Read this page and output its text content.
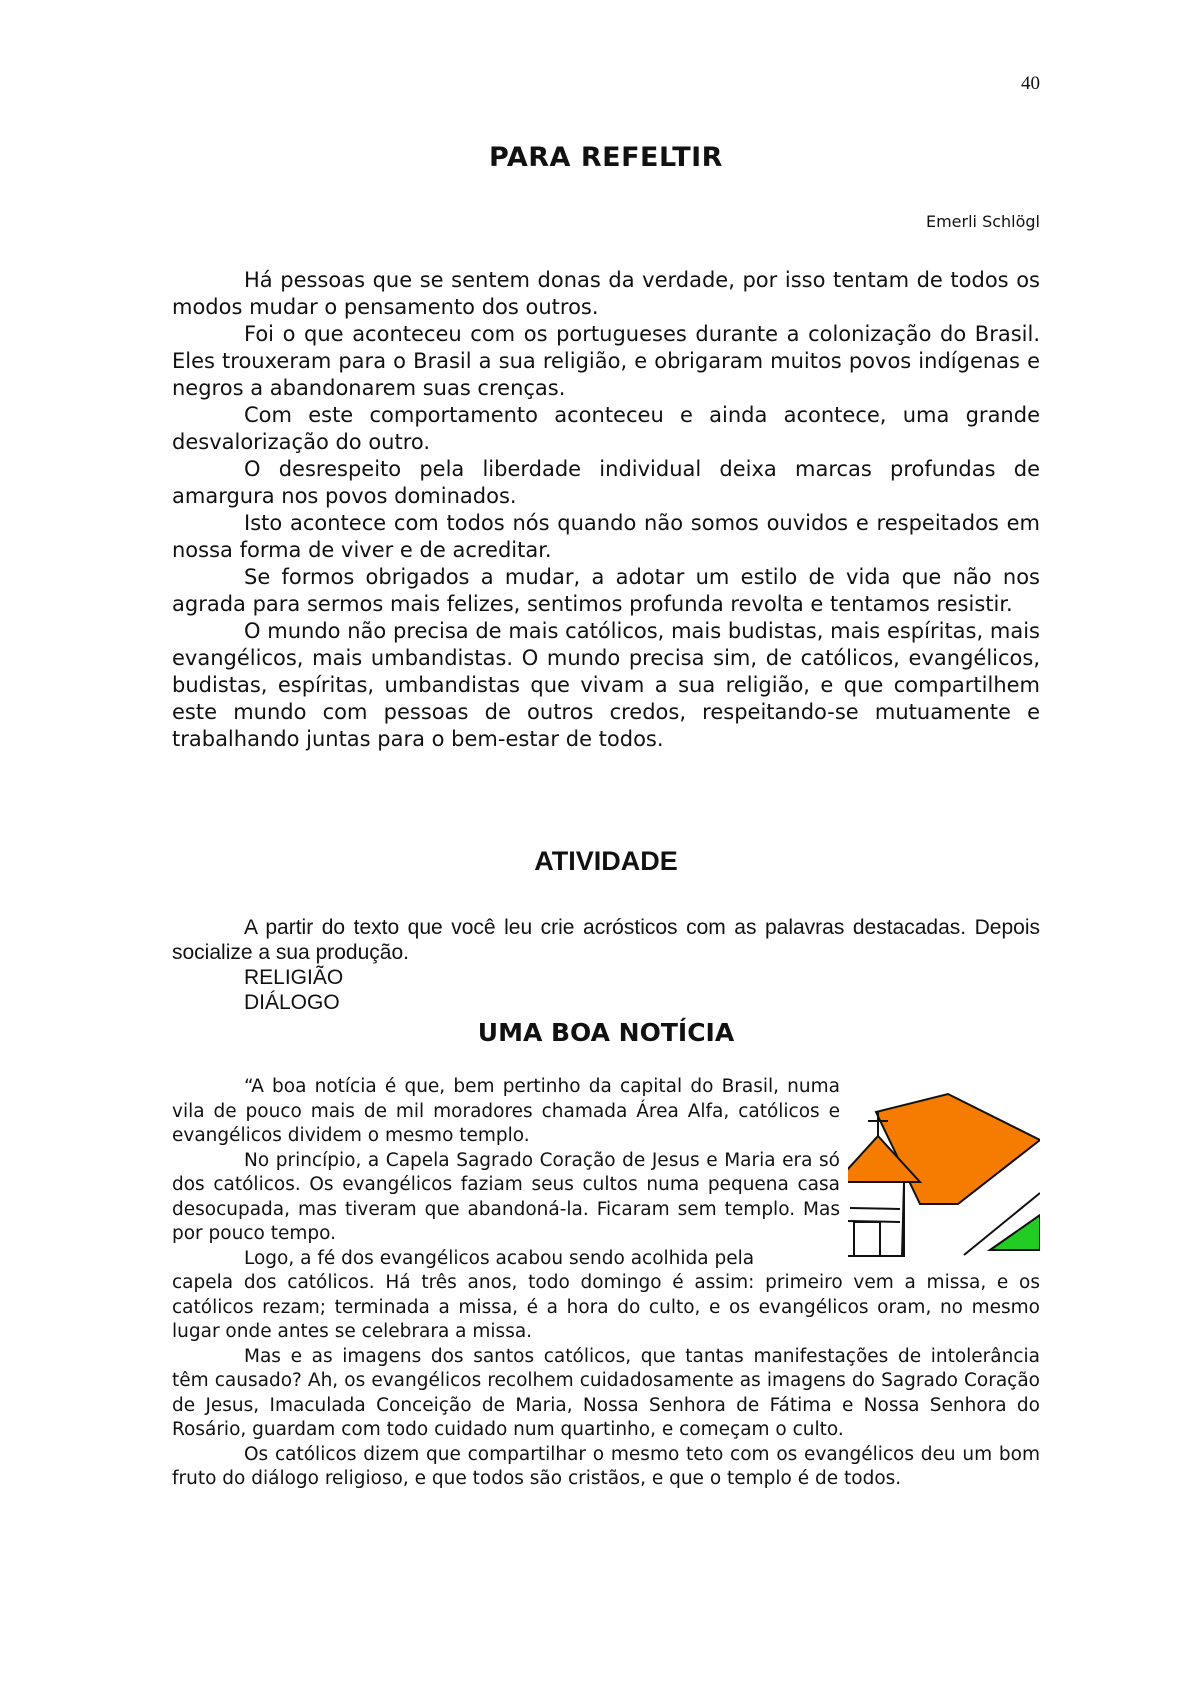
40
PARA REFELTIR
Emerli Schlögl

Há pessoas que se sentem donas da verdade, por isso tentam de todos os modos mudar o pensamento dos outros.

Foi o que aconteceu com os portugueses durante a colonização do Brasil. Eles trouxeram para o Brasil a sua religião, e obrigaram muitos povos indígenas e negros a abandonarem suas crenças.

Com este comportamento aconteceu e ainda acontece, uma grande desvalorização do outro.

O desrespeito pela liberdade individual deixa marcas profundas de amargura nos povos dominados.

Isto acontece com todos nós quando não somos ouvidos e respeitados em nossa forma de viver e de acreditar.

Se formos obrigados a mudar, a adotar um estilo de vida que não nos agrada para sermos mais felizes, sentimos profunda revolta e tentamos resistir.

O mundo não precisa de mais católicos, mais budistas, mais espíritas, mais evangélicos, mais umbandistas. O mundo precisa sim, de católicos, evangélicos, budistas, espíritas, umbandistas que vivam a sua religião, e que compartilhem este mundo com pessoas de outros credos, respeitando-se mutuamente e trabalhando juntas para o bem-estar de todos.

ATIVIDADE

A partir do texto que você leu crie acrósticos com as palavras destacadas. Depois socialize a sua produção.

RELIGIÃO

DIÁLOGO

UMA BOA NOTÍCIA

“A boa notícia é que, bem pertinho da capital do Brasil, numa vila de pouco mais de mil moradores chamada Área Alfa, católicos e evangélicos dividem o mesmo templo.

No princípio, a Capela Sagrado Coração de Jesus e Maria era só dos católicos. Os evangélicos faziam seus cultos numa pequena casa desocupada, mas tiveram que abandoná-la. Ficaram sem templo. Mas por pouco tempo.

Logo, a fé dos evangélicos acabou sendo acolhida pela

capela dos católicos. Há três anos, todo domingo é assim: primeiro vem a missa, e os católicos rezam; terminada a missa, é a hora do culto, e os evangélicos oram, no mesmo lugar onde antes se celebrara a missa.

Mas e as imagens dos santos católicos, que tantas manifestações de intolerância têm causado? Ah, os evangélicos recolhem cuidadosamente as imagens do Sagrado Coração de Jesus, Imaculada Conceição de Maria, Nossa Senhora de Fátima e Nossa Senhora do Rosário, guardam com todo cuidado num quartinho, e começam o culto.

Os católicos dizem que compartilhar o mesmo teto com os evangélicos deu um bom fruto do diálogo religioso, e que todos são cristãos, e que o templo é de todos.
